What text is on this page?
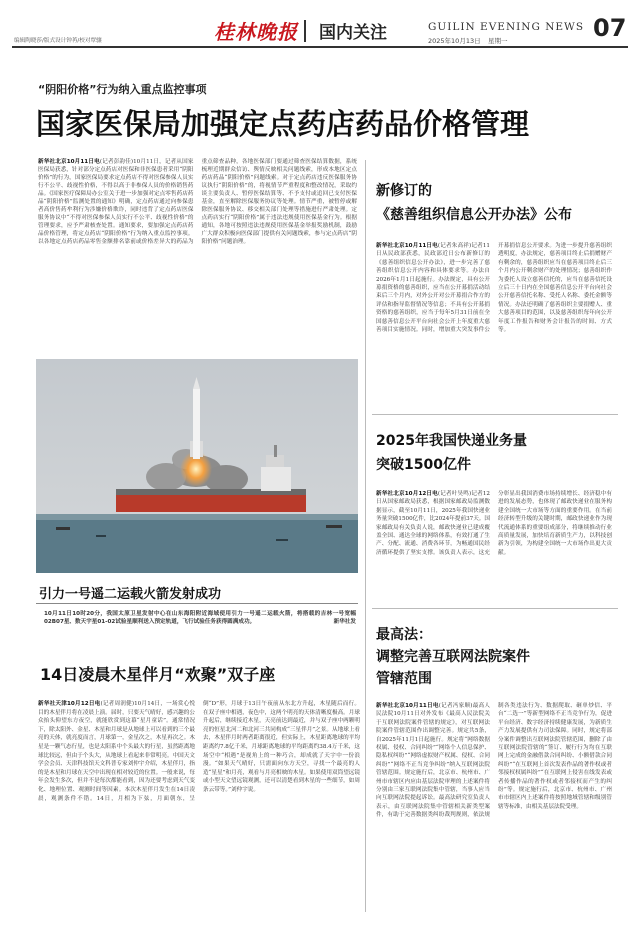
编辑陶晓莎/版式设计钟苒/校对覃骧	桂林晚报 国内关注	GUILIN EVENING NEWS
2025年10月13日 星期一	07
“阴阳价格”行为纳入重点监控事项
国家医保局加强定点药店药品价格管理
新华社北京10月11日电(记者彭韵佳)10月11日，记者从国家医保局获悉，针对部分定点药店对医保和非医保患者采用“阴阳价格”的行为，国家医保局要求定点药店不得对医保参保人员实行不公平、歧视性价格，不得以高于非参保人员的价格销售药品。《国家医疗保障局办公室关于进一步加强对定点零售药店药品“阴阳价格”监测处置的通知》明确，定点药店通过向参保患者高价售药牟利行为涉嫌价格欺诈，同时违背了定点药店医保服务协议中“不得对医保参保人员实行不公平、歧视性价格”的管理要求，应予严肃核查处置。通知要求，要加强定点药店药品价格管理，将定点药店“阴阳价格”行为纳入重点监控事项。以各地定点药店药品零售金额排名靠前或价格差异大的药品为重点筛查品种，各地医保部门要通过筛查医保结算数据，系统梳理近期群众信访、舆情反映相关问题线索，形成本地区定点药店药品“阴阳价格”问题线索。对于定点药店违反医保服务协议执行“阴阳价格”的，将视情节严重程度和整改情况，采取约谈主要负责人、暂停医保结算等、不予支付或追回已支付医保基金，直至解除医保服务协议等处理。情节严重，被暂停或解除医保服务协议、移交相关部门处理等措施进行严肃处理。定点药店实行“阴阳价格”属于违法违规使用医保基金行为。根据通知，各地可按照违法违规使用医保基金举报奖励机制，鼓励广大群众积极向医保部门提供有关问题线索，参与定点药店“阴阳价格”问题治理。
引力一号遥二运载火箭发射成功
10月11日10时20分，我国太原卫星发射中心在山东海阳附近海域使用引力一号遥二运载火箭，将搭载的吉林一号宽幅02B07星、数天宇星01-02试验星顺利送入预定轨道，飞行试验任务获得圆满成功。	新华社发
14日凌晨木星伴月“欢聚”双子座
新华社天津10月12日电(记者周润健)10月14日，一场赏心悦目的木星伴月将在凌晨上演。届时，只要天气晴好，感兴趣的公众抬头仰望东方夜空，就能欣赏到这幕“星月童话”。通常情况下，除太阳外、金星、木星和月球是从地球上可以看到的三个最亮的天体，就亮度而言，月球第一，金星次之，木星再次之。木星是一颗气态行星，也是太阳系中个头最大的行星，虽然距离地球比较远，但由于个头大，从地球上看起来非常明亮。中国天文学会会员、天津科技馆天文科普专家刘仲宇介绍，木星伴月，指的是木星和月球在天空中出现在相对较近的位置。一般来说，每年会发生多次，但并不是每次都能看到，因为还要考虑到天气变化、地理位置、观测时间等因素。本次木星伴月发生在14日凌晨，观测条件不错。14日，月相为下弦，月面朝东，呈倒“D”形，月球于13日午夜前从东北方升起，木星随后而行。在双子座中相遇，夜色中，这两个明亮的天体清晰度极高。月球升起后，继续接近木星，天亮前达到最近，并与双子座中两颗明亮的恒星北河二和北河三共同构成“三星伴月”之景。从地球上看去，木星伴月时两者距离很近，但实际上，木星距离地球的平均距离约7.8亿千米，月球距离地球的平均距离约38.4万千米，这场空中“相遇”是视角上的一种巧合，却成就了天宇中一份浪漫。“如果天气晴好，只需面向东方天空，寻找一个最亮的人造“星星”和月亮，观看与月亮相映的木星。如果使用双筒望远镜或小型天文望远镜观测，还可以清楚看到木星的一些细节，如周条云带等。”刘仲宇说。
新修订的
《慈善组织信息公开办法》公布
新华社北京10月11日电(记者朱高祥)记者11日从民政部获悉，民政部近日公布新修订的《慈善组织信息公开办法》，进一步完善了慈善组织信息公开内容和具体要求等。办法自2026年1月1日起施行。办法规定，具有公开募捐资格的慈善组织，应当在公开募捐活动结束后三个月内，对外公开对公开募捐合作方的评估和指导监督情况等信息；不具有公开募捐资格的慈善组织，应当于每年5月31日前在全国慈善信息公开平台向社会公开上年度重大慈善项目实施情况。同时，增加重大突发事件公开募捐信息公开要求。为进一步提升慈善组织透明度，办法规定，慈善项目终止后捐赠财产有剩余的，慈善组织应当在慈善项目终止后三个月内公开剩余财产的处理情况；慈善组织作为委托人设立慈善信托的，应当在慈善信托设立后三十日内在全国慈善信息公开平台向社会公开慈善信托名称、受托人名称、委托金额等情况。办法还明确了慈善组织主要捐赠人、重大慈善项目的范围，以及慈善组织每年向公开年度工作报告和财务会计报告的时间、方式等。
2025年我国快递业务量
突破1500亿件
新华社北京10月12日电(记者叶昊鸣)记者12日从国家邮政局获悉，根据国家邮政局监测数据显示，截至10月11日，2025年我国快递业务量突破1500亿件，比2024年提前37天。国家邮政局有关负责人说，邮政快递业已建成覆盖全国、通达全球的网络体系，有效打通了生产、分配、流通、消费各环节，为畅通国民经济循环提供了坚实支撑。该负责人表示，这充分彰显出我国消费市场持续增长、经济稳中有进的发展态势，也体现了邮政快递业在服务构建全国统一大市场等方面的重要作用。在当前经济转型升级的关键时期，邮政快递业作为现代流通体系的重要组成部分，将继续推动行业高质量发展，加快培育新质生产力，以科技创新为引领，为构建全国统一大市场作出更大贡献。
最高法：
调整完善互联网法院案件
管辖范围
新华社北京10月11日电(记者冯家顺)最高人民法院10月11日对外发布《最高人民法院关于互联网法院案件管辖的规定》，对互联网法院案件管辖范围作出调整完善。规定共5条，自2025年11月1日起施行。规定将“网络数据权属、侵权、合同纠纷”“网络个人信息保护、隐私权纠纷”“网络虚拟财产权属、侵权、合同纠纷”“网络不正当竞争纠纷”纳入互联网法院管辖范围。规定施行后，北京市、杭州市、广州市市辖区内应由基层法院审理的上述案件将分别由三家互联网法院集中管辖，当事人应当向互联网法院提起诉讼。最高法研究室负责人表示，由互联网法院集中管辖相关新类型案件，有助于完善数据类纠纷裁判规则，依法规制各类违法行为、数据爬取、砸单炒信、平台“二选一”等新型网络不正当竞争行为，促进平台经济、数字经济持续健康发展，为新质生产力发展提供有力司法保障。同时，规定将部分案件调整出互联网法院管辖范围，删除了由互联网法院管辖的“签订、履行行为均在互联网上完成的金融借款合同纠纷、小额借款合同纠纷”“在互联网上首次发表作品的著作权或者邻接权权属纠纷”“在互联网上侵害在线发表或者传播作品的著作权或者邻接权而产生的纠纷”等。规定施行后，北京市、杭州市、广州市市辖区内上述案件将按照地域管辖和级别管辖等标准，由相关基层法院受理。
